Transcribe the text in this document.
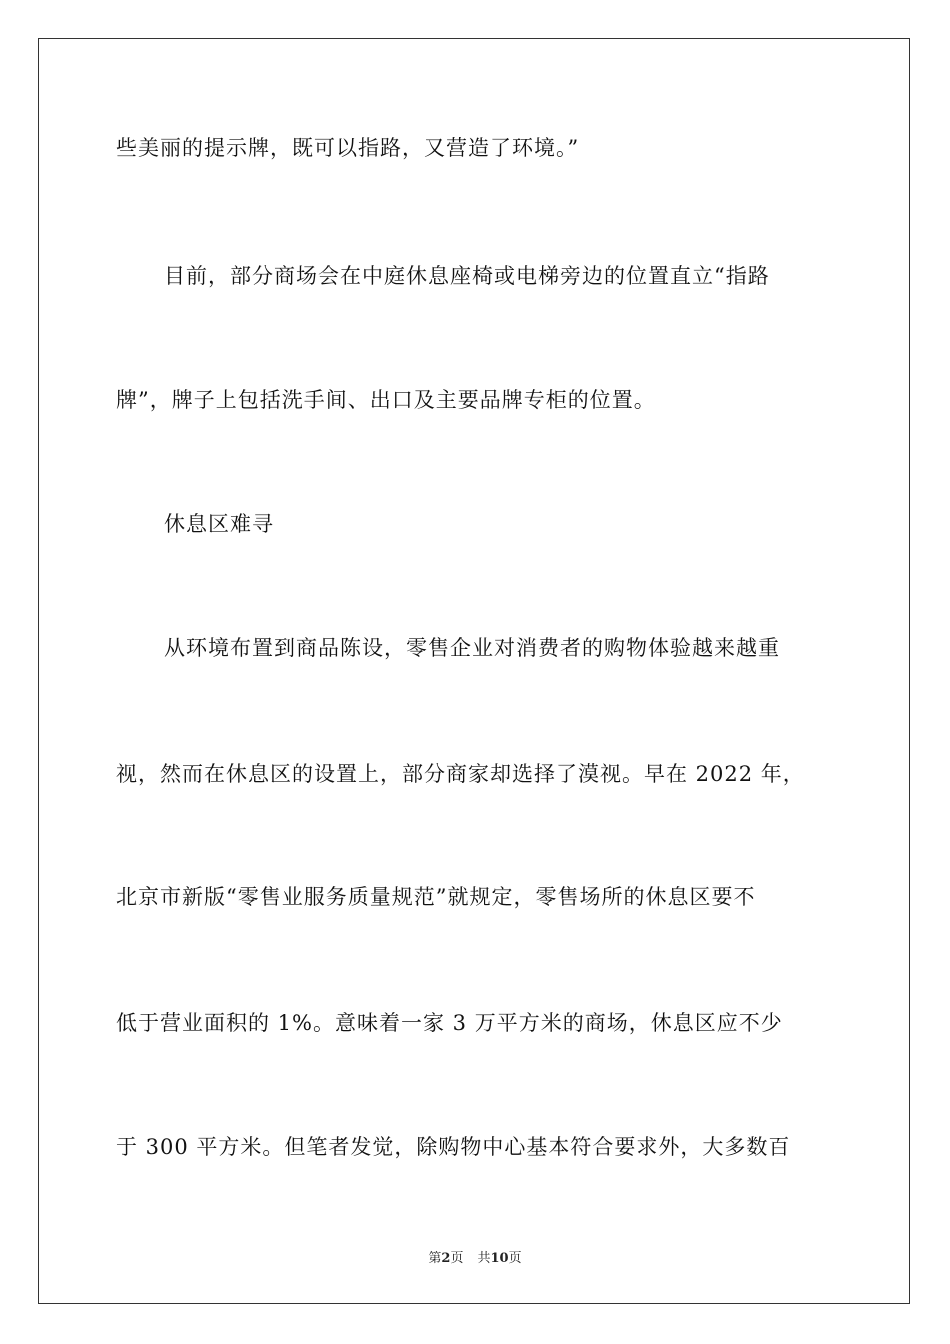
些美丽的提示牌，既可以指路，又营造了环境。”
目前，部分商场会在中庭休息座椅或电梯旁边的位置直立“指路
牌”，牌子上包括洗手间、出口及主要品牌专柜的位置。
休息区难寻
从环境布置到商品陈设，零售企业对消费者的购物体验越来越重
视，然而在休息区的设置上，部分商家却选择了漠视。早在 2022 年，
北京市新版“零售业服务质量规范”就规定，零售场所的休息区要不
低于营业面积的 1%。意味着一家 3 万平方米的商场，休息区应不少
于 300 平方米。但笔者发觉，除购物中心基本符合要求外，大多数百
第2页 共10页
